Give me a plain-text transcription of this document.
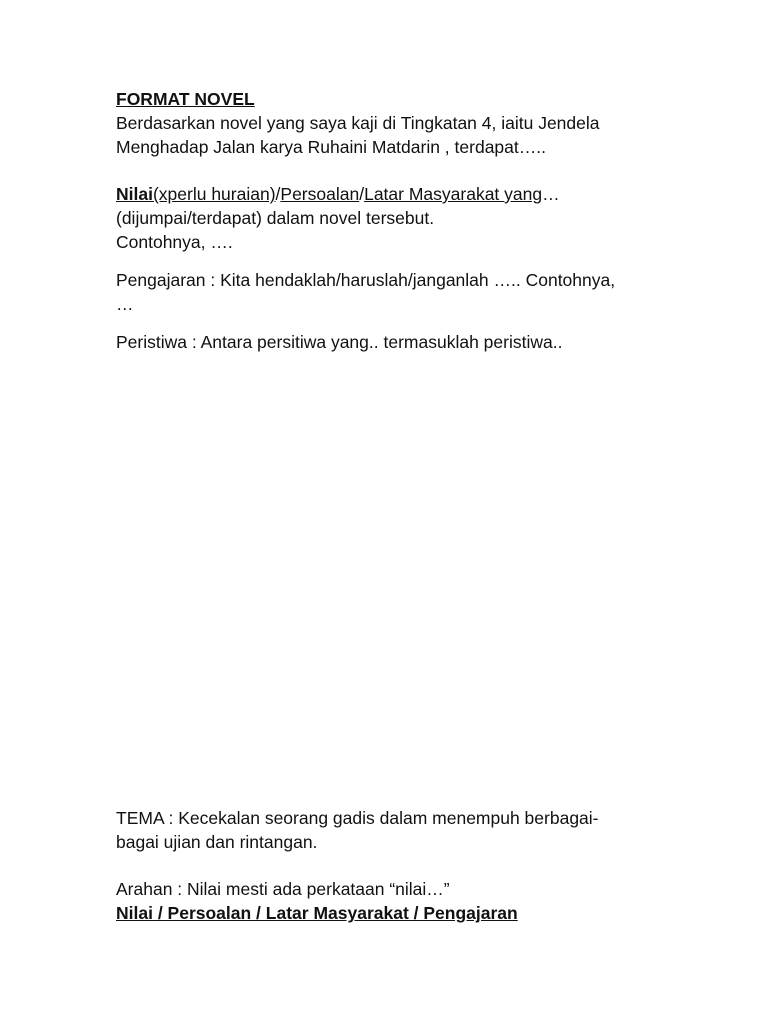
FORMAT NOVEL
Berdasarkan novel yang saya kaji di Tingkatan 4, iaitu Jendela
Menghadap Jalan karya Ruhaini Matdarin , terdapat…..
Nilai(xperlu huraian)/Persoalan/Latar Masyarakat yang…
(dijumpai/terdapat) dalam novel tersebut.
Contohnya, ….
Pengajaran : Kita hendaklah/haruslah/janganlah ….. Contohnya,
…
Peristiwa : Antara persitiwa yang.. termasuklah peristiwa..
TEMA : Kecekalan seorang gadis dalam menempuh berbagai-
bagai ujian dan rintangan.
Arahan : Nilai mesti ada perkataan “nilai…”
Nilai / Persoalan / Latar Masyarakat / Pengajaran
